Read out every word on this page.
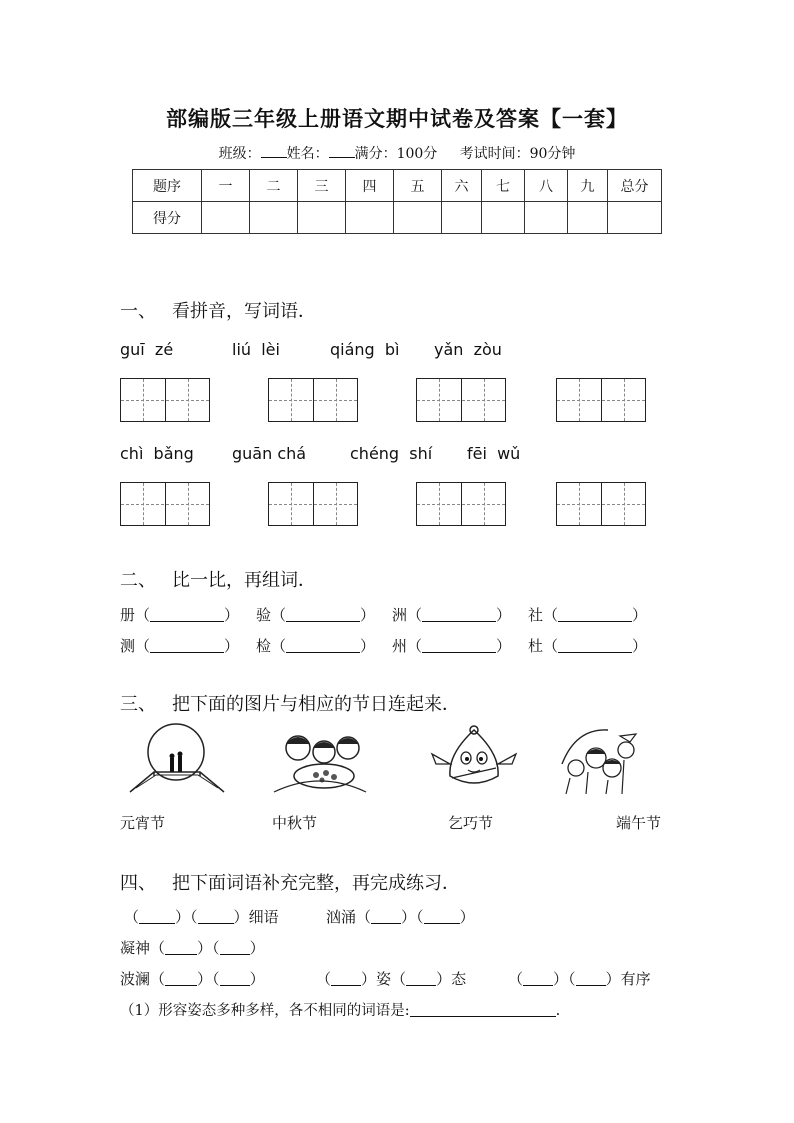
部编版三年级上册语文期中试卷及答案【一套】
班级： 姓名： 满分：100分 考试时间：90分钟
题序	一	二	三	四	五	六	七	八	九	总分
得分										
一、 看拼音，写词语．
guī  zé	liú  lèi	qiáng  bì yǎn  zòu
chì  bǎng guān chá	chéng  shí fēi  wǔ
二、 比一比，再组词．
册（	） 验（	） 洲（	） 社（	）
测（	） 检（	） 州（	） 杜（	）
三、 把下面的图片与相应的节日连起来．
元宵节	中秋节	乞巧节	端午节
四、 把下面词语补充完整，再完成练习．
（ ）（ ）细语	汹涌（ ）（ ）
凝神（ ）（ ）
波澜（ ）（ ）	（ ）姿（ ）态	（ ）（ ）有序
（1）形容姿态多种多样，各不相同的词语是:	.
